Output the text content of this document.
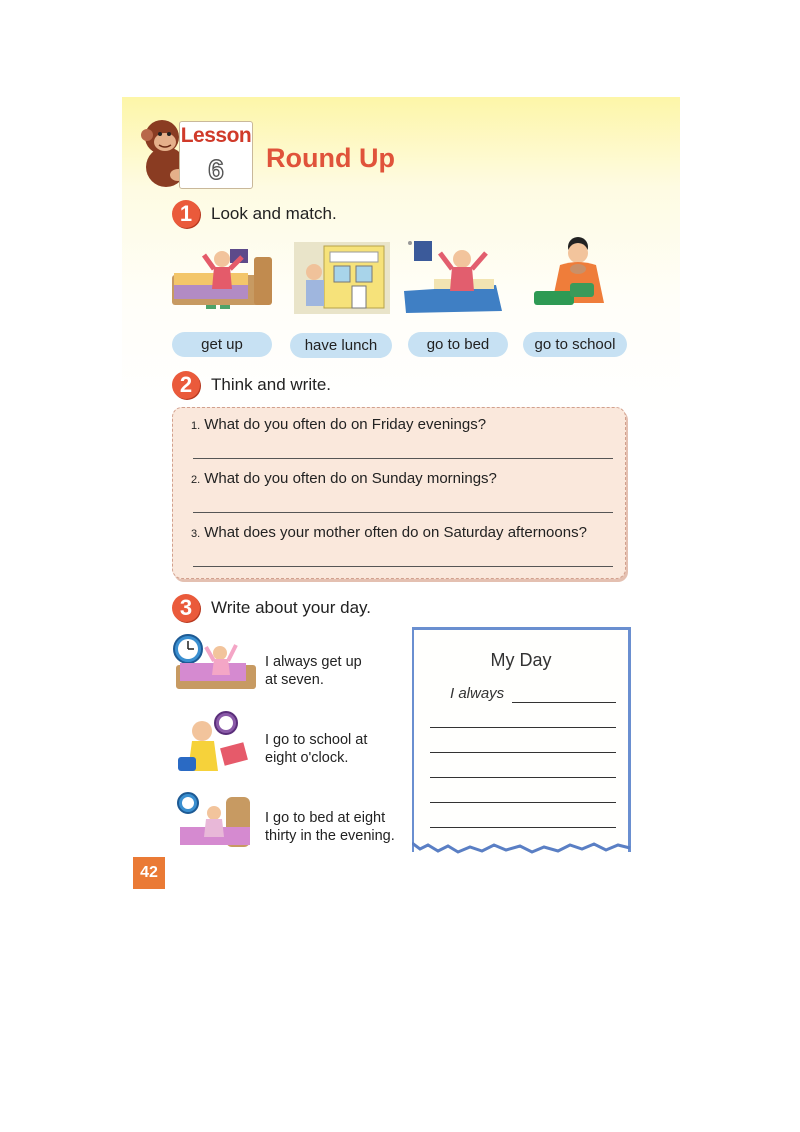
Lesson
6	Round Up
1	Look and match.
get up	have lunch	go to bed	go to school
2	Think and write.
1. What do you often do on Friday evenings?
2. What do you often do on Sunday mornings?
3. What does your mother often do on Saturday afternoons?
3	Write about your day.
I always get up
at seven.
I go to school at
eight o'clock.
I go to bed at eight
thirty in the evening.
My Day
I always
42
